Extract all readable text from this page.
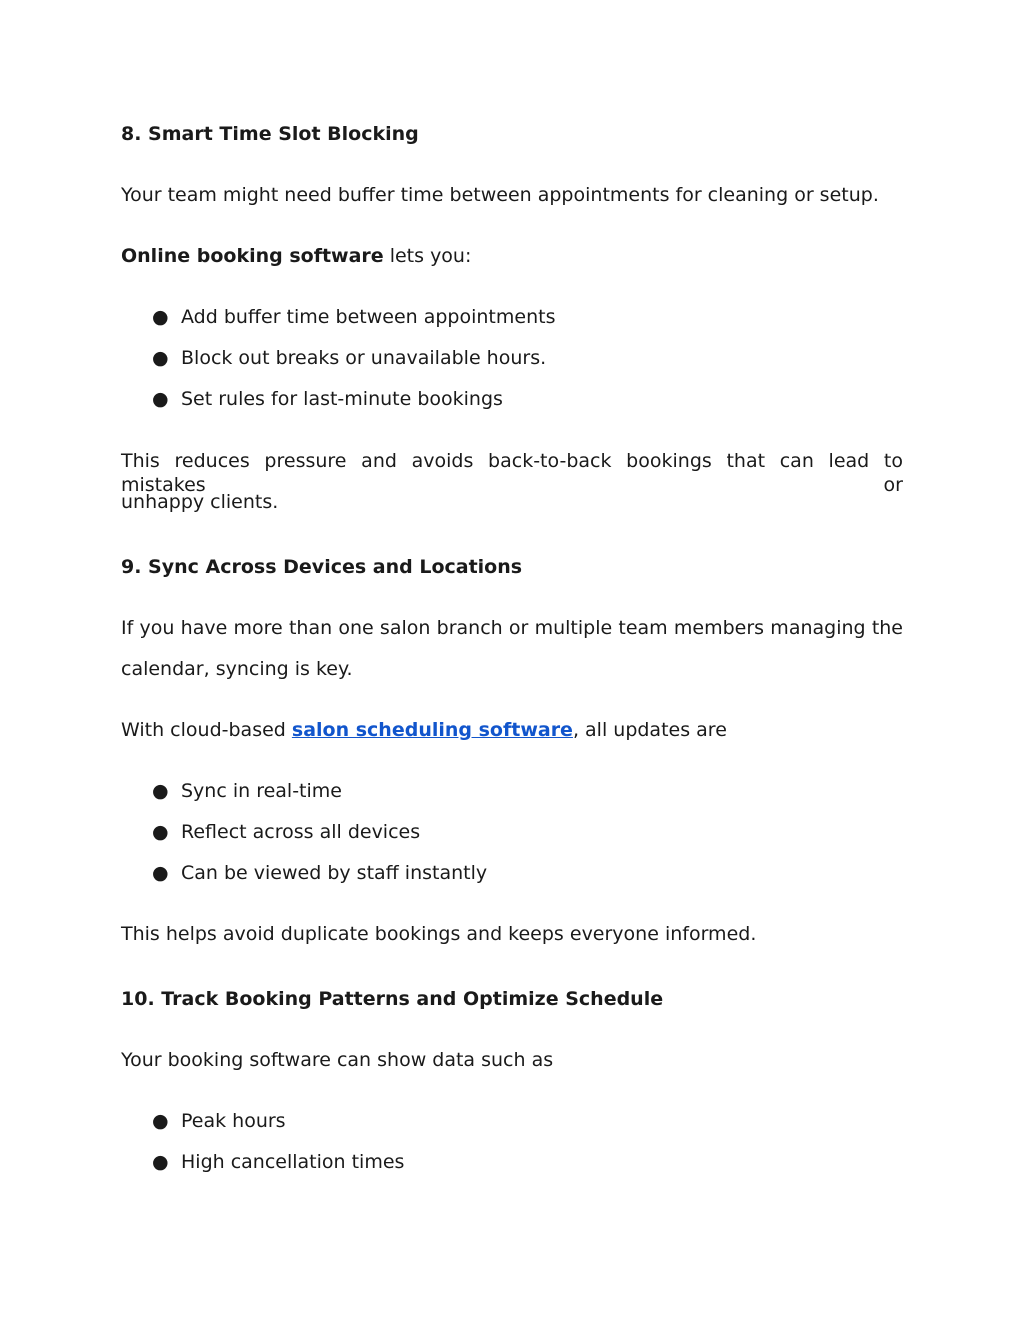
8. Smart Time Slot Blocking
Your team might need buffer time between appointments for cleaning or setup.
Online booking software lets you:
● Add buffer time between appointments
● Block out breaks or unavailable hours.
● Set rules for last-minute bookings
This reduces pressure and avoids back-to-back bookings that can lead to mistakes or
unhappy clients.
9. Sync Across Devices and Locations
If you have more than one salon branch or multiple team members managing the
calendar, syncing is key.
With cloud-based salon scheduling software, all updates are
● Sync in real-time
● Reflect across all devices
● Can be viewed by staff instantly
This helps avoid duplicate bookings and keeps everyone informed.
10. Track Booking Patterns and Optimize Schedule
Your booking software can show data such as
● Peak hours
● High cancellation times
